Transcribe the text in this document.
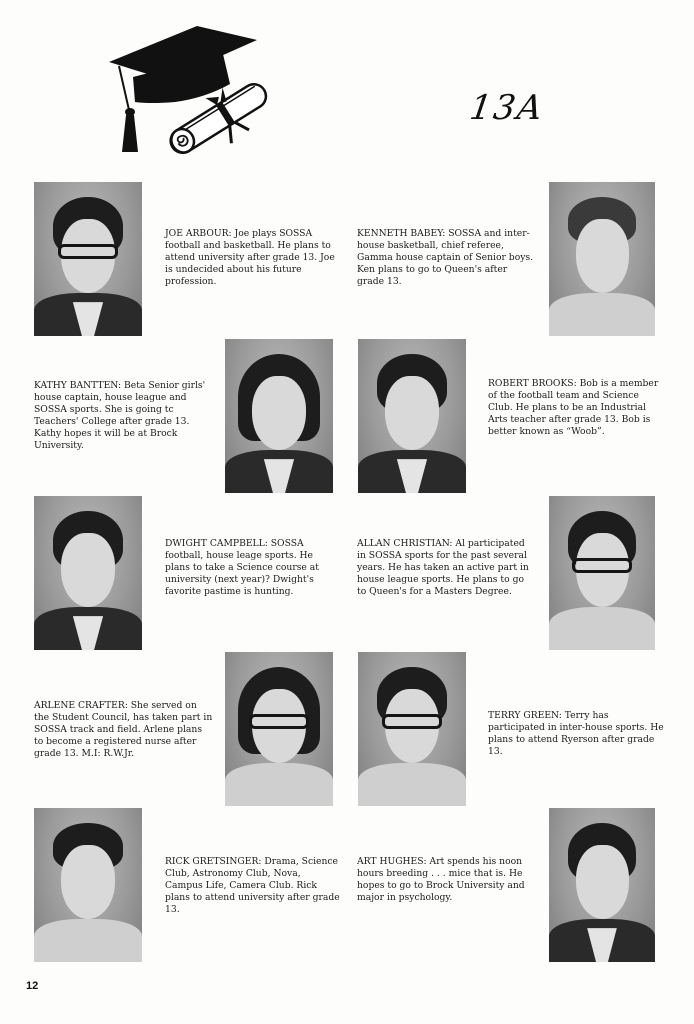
13A
JOE ARBOUR: Joe plays SOSSA football and basketball. He plans to attend university after grade 13. Joe is undecided about his future profession.
KENNETH BABEY: SOSSA and inter-house basketball, chief referee, Gamma house captain of Senior boys. Ken plans to go to Queen's after grade 13.
KATHY BANTTEN: Beta Senior girls' house captain, house league and SOSSA sports. She is going tc Teachers' College after grade 13. Kathy hopes it will be at Brock University.
ROBERT BROOKS: Bob is a member of the football team and Science Club. He plans to be an Industrial Arts teacher after grade 13. Bob is better known as “Woob”.
DWIGHT CAMPBELL: SOSSA football, house leage sports. He plans to take a Science course at university (next year)? Dwight's favorite pastime is hunting.
ALLAN CHRISTIAN: Al participated in SOSSA sports for the past several years. He has taken an active part in house league sports. He plans to go to Queen's for a Masters Degree.
ARLENE CRAFTER: She served on the Student Council, has taken part in SOSSA track and field. Arlene plans to become a registered nurse after grade 13. M.I: R.W.Jr.
TERRY GREEN: Terry has participated in inter-house sports. He plans to attend Ryerson after grade 13.
RICK GRETSINGER: Drama, Science Club, Astronomy Club, Nova, Campus Life, Camera Club. Rick plans to attend university after grade 13.
ART HUGHES: Art spends his noon hours breeding . . . mice that is. He hopes to go to Brock University and major in psychology.
12
